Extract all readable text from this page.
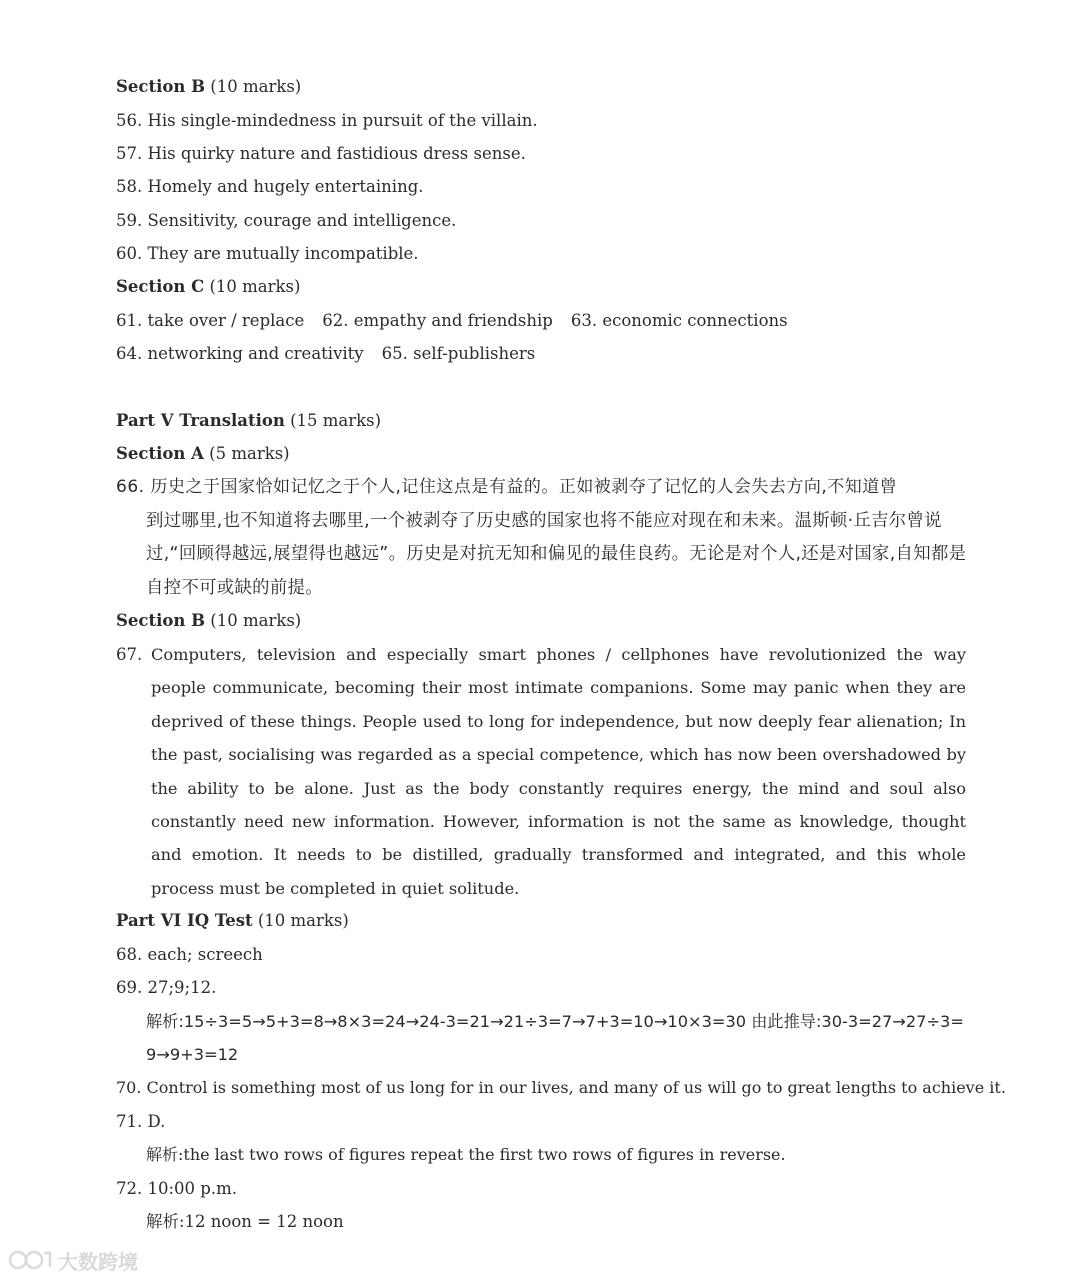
Section B (10 marks)
56. His single-mindedness in pursuit of the villain.
57. His quirky nature and fastidious dress sense.
58. Homely and hugely entertaining.
59. Sensitivity, courage and intelligence.
60. They are mutually incompatible.
Section C (10 marks)
61. take over / replace 62. empathy and friendship 63. economic connections
64. networking and creativity 65. self-publishers
Part V Translation (15 marks)
Section A (5 marks)
66. 历史之于国家恰如记忆之于个人,记住这点是有益的。正如被剥夺了记忆的人会失去方向,不知道曾
到过哪里,也不知道将去哪里,一个被剥夺了历史感的国家也将不能应对现在和未来。温斯顿·丘吉尔曾说过,“回顾得越远,展望得也越远”。历史是对抗无知和偏见的最佳良药。无论是对个人,还是对国家,自知都是自控不可或缺的前提。
Section B (10 marks)
67. Computers, television and especially smart phones / cellphones have revolutionized the way people communicate, becoming their most intimate companions. Some may panic when they are deprived of these things. People used to long for independence, but now deeply fear alienation; In the past, socialising was regarded as a special competence, which has now been overshadowed by the ability to be alone. Just as the body constantly requires energy, the mind and soul also constantly need new information. However, information is not the same as knowledge, thought and emotion. It needs to be distilled, gradually transformed and integrated, and this whole process must be completed in quiet solitude.
Part VI IQ Test (10 marks)
68. each; screech
69. 27;9;12.
解析:15÷3=5→5+3=8→8×3=24→24-3=21→21÷3=7→7+3=10→10×3=30 由此推导:30-3=27→27÷3=
9→9+3=12
70. Control is something most of us long for in our lives, and many of us will go to great lengths to achieve it.
71. D.
解析:the last two rows of figures repeat the first two rows of figures in reverse.
72. 10:00 p.m.
解析:12 noon = 12 noon
大数跨境
